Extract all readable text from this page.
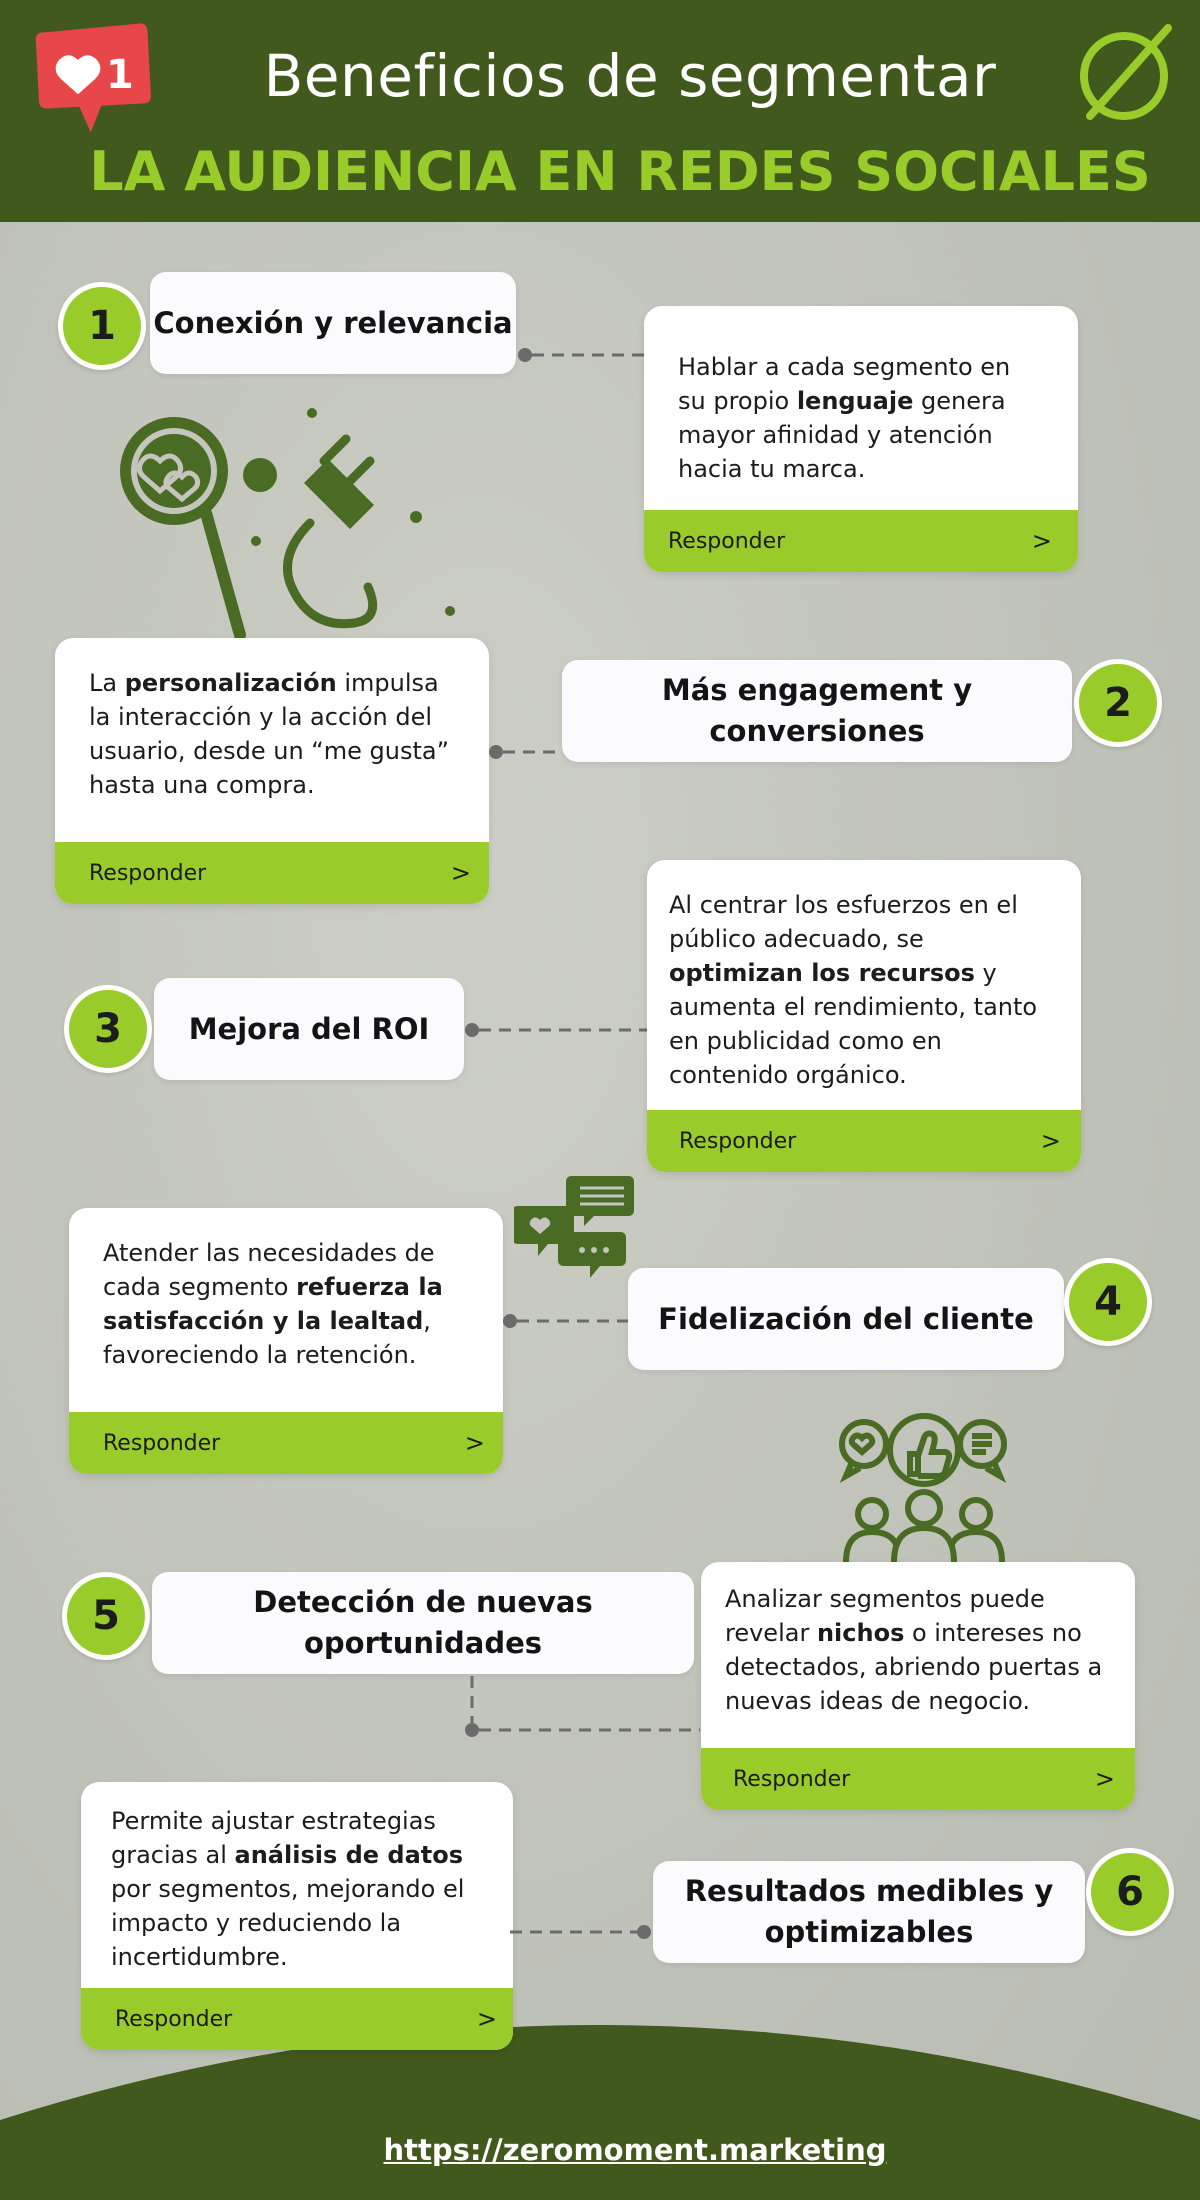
Beneficios de segmentar
LA AUDIENCIA EN REDES SOCIALES
1
1	Conexión y relevancia
Hablar a cada segmento en su propio lenguaje genera mayor afinidad y atención hacia tu marca.
Responder	>
La personalización impulsa la interacción y la acción del usuario, desde un “me gusta” hasta una compra.
Responder	>
Más engagement y conversiones
2
3	Mejora del ROI
Al centrar los esfuerzos en el público adecuado, se optimizan los recursos y aumenta el rendimiento, tanto en publicidad como en contenido orgánico.
Responder	>
Atender las necesidades de cada segmento refuerza la satisfacción y la lealtad, favoreciendo la retención.
Responder	>
Fidelización del cliente	4
5	Detección de nuevas oportunidades
Analizar segmentos puede revelar nichos o intereses no detectados, abriendo puertas a nuevas ideas de negocio.
Responder	>
Permite ajustar estrategias gracias al análisis de datos por segmentos, mejorando el impacto y reduciendo la incertidumbre.
Responder	>
Resultados medibles y optimizables
6
https://zeromoment.marketing
